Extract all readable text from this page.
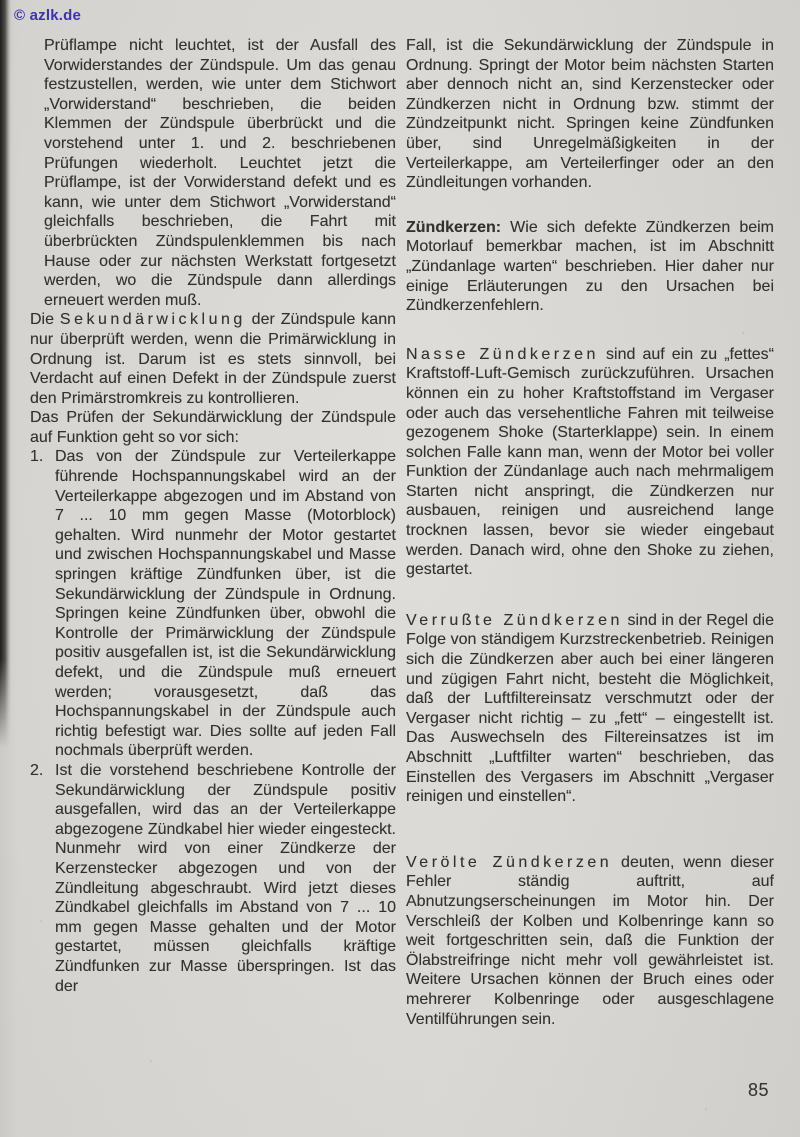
© azlk.de

Prüflampe nicht leuchtet, ist der Ausfall des Vorwiderstandes der Zündspule. Um das genau festzustellen, werden, wie unter dem Stichwort „Vorwiderstand“ beschrieben, die beiden Klemmen der Zündspule überbrückt und die vorstehend unter 1. und 2. beschriebenen Prüfungen wiederholt. Leuchtet jetzt die Prüflampe, ist der Vorwiderstand defekt und es kann, wie unter dem Stichwort „Vorwiderstand“ gleichfalls beschrieben, die Fahrt mit überbrückten Zündspulenklemmen bis nach Hause oder zur nächsten Werkstatt fortgesetzt werden, wo die Zündspule dann allerdings erneuert werden muß.

Die Sekundärwicklung der Zündspule kann nur überprüft werden, wenn die Primärwicklung in Ordnung ist. Darum ist es stets sinnvoll, bei Verdacht auf einen Defekt in der Zündspule zuerst den Primärstromkreis zu kontrollieren.

Das Prüfen der Sekundärwicklung der Zündspule auf Funktion geht so vor sich:

1. Das von der Zündspule zur Verteilerkappe führende Hochspannungskabel wird an der Verteilerkappe abgezogen und im Abstand von 7 ... 10 mm gegen Masse (Motorblock) gehalten. Wird nunmehr der Motor gestartet und zwischen Hochspannungskabel und Masse springen kräftige Zündfunken über, ist die Sekundärwicklung der Zündspule in Ordnung. Springen keine Zündfunken über, obwohl die Kontrolle der Primärwicklung der Zündspule positiv ausgefallen ist, ist die Sekundärwicklung defekt, und die Zündspule muß erneuert werden; vorausgesetzt, daß das Hochspannungskabel in der Zündspule auch richtig befestigt war. Dies sollte auf jeden Fall nochmals überprüft werden.

2. Ist die vorstehend beschriebene Kontrolle der Sekundärwicklung der Zündspule positiv ausgefallen, wird das an der Verteilerkappe abgezogene Zündkabel hier wieder eingesteckt. Nunmehr wird von einer Zündkerze der Kerzenstecker abgezogen und von der Zündleitung abgeschraubt. Wird jetzt dieses Zündkabel gleichfalls im Abstand von 7 ... 10 mm gegen Masse gehalten und der Motor gestartet, müssen gleichfalls kräftige Zündfunken zur Masse überspringen. Ist das der

Fall, ist die Sekundärwicklung der Zündspule in Ordnung. Springt der Motor beim nächsten Starten aber dennoch nicht an, sind Kerzenstecker oder Zündkerzen nicht in Ordnung bzw. stimmt der Zündzeitpunkt nicht. Springen keine Zündfunken über, sind Unregelmäßigkeiten in der Verteilerkappe, am Verteilerfinger oder an den Zündleitungen vorhanden.

Zündkerzen: Wie sich defekte Zündkerzen beim Motorlauf bemerkbar machen, ist im Abschnitt „Zündanlage warten“ beschrieben. Hier daher nur einige Erläuterungen zu den Ursachen bei Zündkerzenfehlern.

Nasse Zündkerzen sind auf ein zu „fettes“ Kraftstoff-Luft-Gemisch zurückzuführen. Ursachen können ein zu hoher Kraftstoffstand im Vergaser oder auch das versehentliche Fahren mit teilweise gezogenem Shoke (Starterklappe) sein. In einem solchen Falle kann man, wenn der Motor bei voller Funktion der Zündanlage auch nach mehrmaligem Starten nicht anspringt, die Zündkerzen nur ausbauen, reinigen und ausreichend lange trocknen lassen, bevor sie wieder eingebaut werden. Danach wird, ohne den Shoke zu ziehen, gestartet.

Verrußte Zündkerzen sind in der Regel die Folge von ständigem Kurzstreckenbetrieb. Reinigen sich die Zündkerzen aber auch bei einer längeren und zügigen Fahrt nicht, besteht die Möglichkeit, daß der Luftfiltereinsatz verschmutzt oder der Vergaser nicht richtig – zu „fett“ – eingestellt ist. Das Auswechseln des Filtereinsatzes ist im Abschnitt „Luftfilter warten“ beschrieben, das Einstellen des Vergasers im Abschnitt „Vergaser reinigen und einstellen“.

Verölte Zündkerzen deuten, wenn dieser Fehler ständig auftritt, auf Abnutzungserscheinungen im Motor hin. Der Verschleiß der Kolben und Kolbenringe kann so weit fortgeschritten sein, daß die Funktion der Ölabstreifringe nicht mehr voll gewährleistet ist. Weitere Ursachen können der Bruch eines oder mehrerer Kolbenringe oder ausgeschlagene Ventilführungen sein.

85
